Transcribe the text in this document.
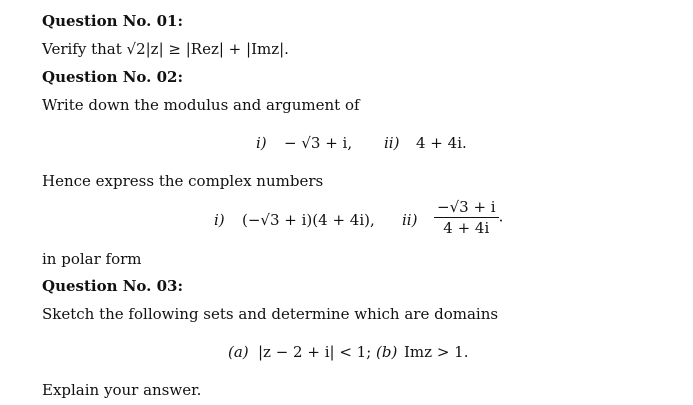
Question No. 01:
Verify that √2|z| ≥ |Rez| + |Imz|.
Question No. 02:
Write down the modulus and argument of
i) − √3 + i, ii) 4 + 4i.
Hence express the complex numbers
i) (−√3 + i)(4 + 4i), $ii) \frac{-√3 + i}{4 + 4i}$ .
in polar form
Question No. 03:
Sketch the following sets and determine which are domains
(a) |z − 2 + i| < 1; (b) Imz > 1.
Explain your answer.
